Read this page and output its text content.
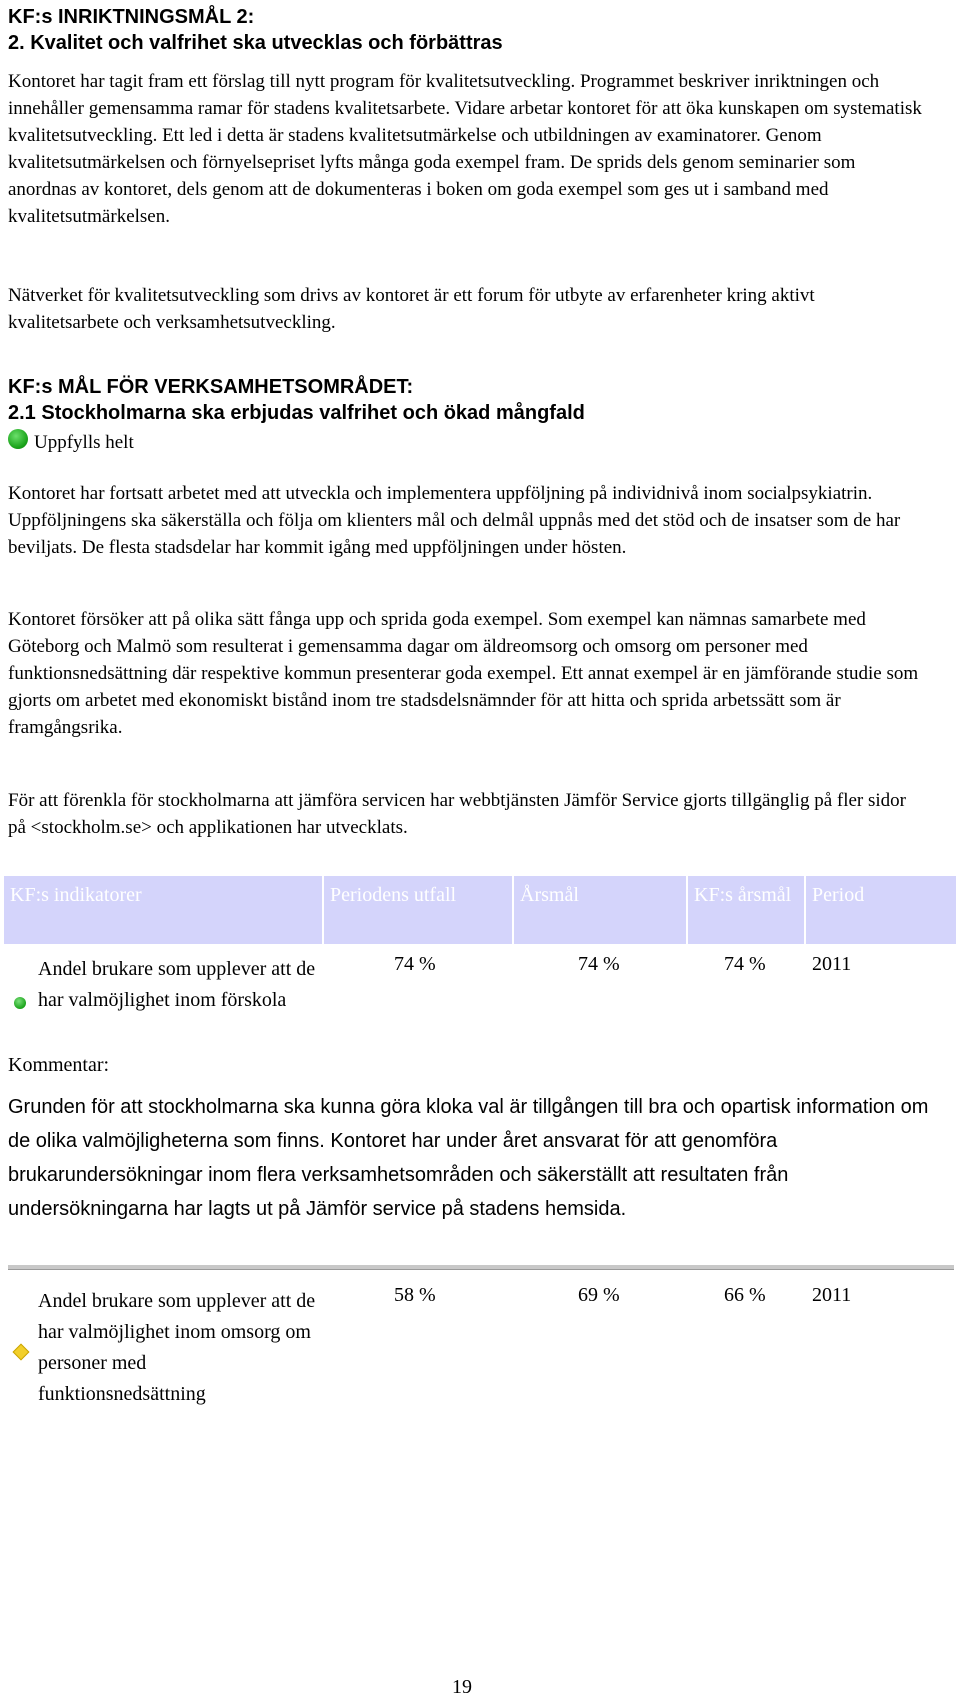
KF:s INRIKTNINGSMÅL 2:
2. Kvalitet och valfrihet ska utvecklas och förbättras

Kontoret har tagit fram ett förslag till nytt program för kvalitetsutveckling. Programmet beskriver inriktningen och innehåller gemensamma ramar för stadens kvalitetsarbete. Vidare arbetar kontoret för att öka kunskapen om systematisk kvalitetsutveckling. Ett led i detta är stadens kvalitetsutmärkelse och utbildningen av examinatorer. Genom kvalitetsutmärkelsen och förnyelsepriset lyfts många goda exempel fram. De sprids dels genom seminarier som anordnas av kontoret, dels genom att de dokumenteras i boken om goda exempel som ges ut i samband med kvalitetsutmärkelsen.

Nätverket för kvalitetsutveckling som drivs av kontoret är ett forum för utbyte av erfarenheter kring aktivt kvalitetsarbete och verksamhetsutveckling.

KF:s MÅL FÖR VERKSAMHETSOMRÅDET:
2.1 Stockholmarna ska erbjudas valfrihet och ökad mångfald
Uppfylls helt

Kontoret har fortsatt arbetet med att utveckla och implementera uppföljning på individnivå inom socialpsykiatrin. Uppföljningens ska säkerställa och följa om klienters mål och delmål uppnås med det stöd och de insatser som de har beviljats. De flesta stadsdelar har kommit igång med uppföljningen under hösten.

Kontoret försöker att på olika sätt fånga upp och sprida goda exempel. Som exempel kan nämnas samarbete med Göteborg och Malmö som resulterat i gemensamma dagar om äldreomsorg och omsorg om personer med funktionsnedsättning där respektive kommun presenterar goda exempel. Ett annat exempel är en jämförande studie som gjorts om arbetet med ekonomiskt bistånd inom tre stadsdelsnämnder för att hitta och sprida arbetssätt som är framgångsrika.

För att förenkla för stockholmarna att jämföra servicen har webbtjänsten Jämför Service gjorts tillgänglig på fler sidor på <stockholm.se> och applikationen har utvecklats.

KF:s indikatorer	Periodens utfall	Årsmål	KF:s årsmål	Period
Andel brukare som upplever att de har valmöjlighet inom förskola
74 %	74 %	74 % 2011
Kommentar:
Grunden för att stockholmarna ska kunna göra kloka val är tillgången till bra och opartisk information om de olika valmöjligheterna som finns. Kontoret har under året ansvarat för att genomföra brukarundersökningar inom flera verksamhetsområden och säkerställt att resultaten från undersökningarna har lagts ut på Jämför service på stadens hemsida.
Andel brukare som upplever att de har valmöjlighet inom omsorg om personer med funktionsnedsättning
58 %	69 %	66 % 2011
19
